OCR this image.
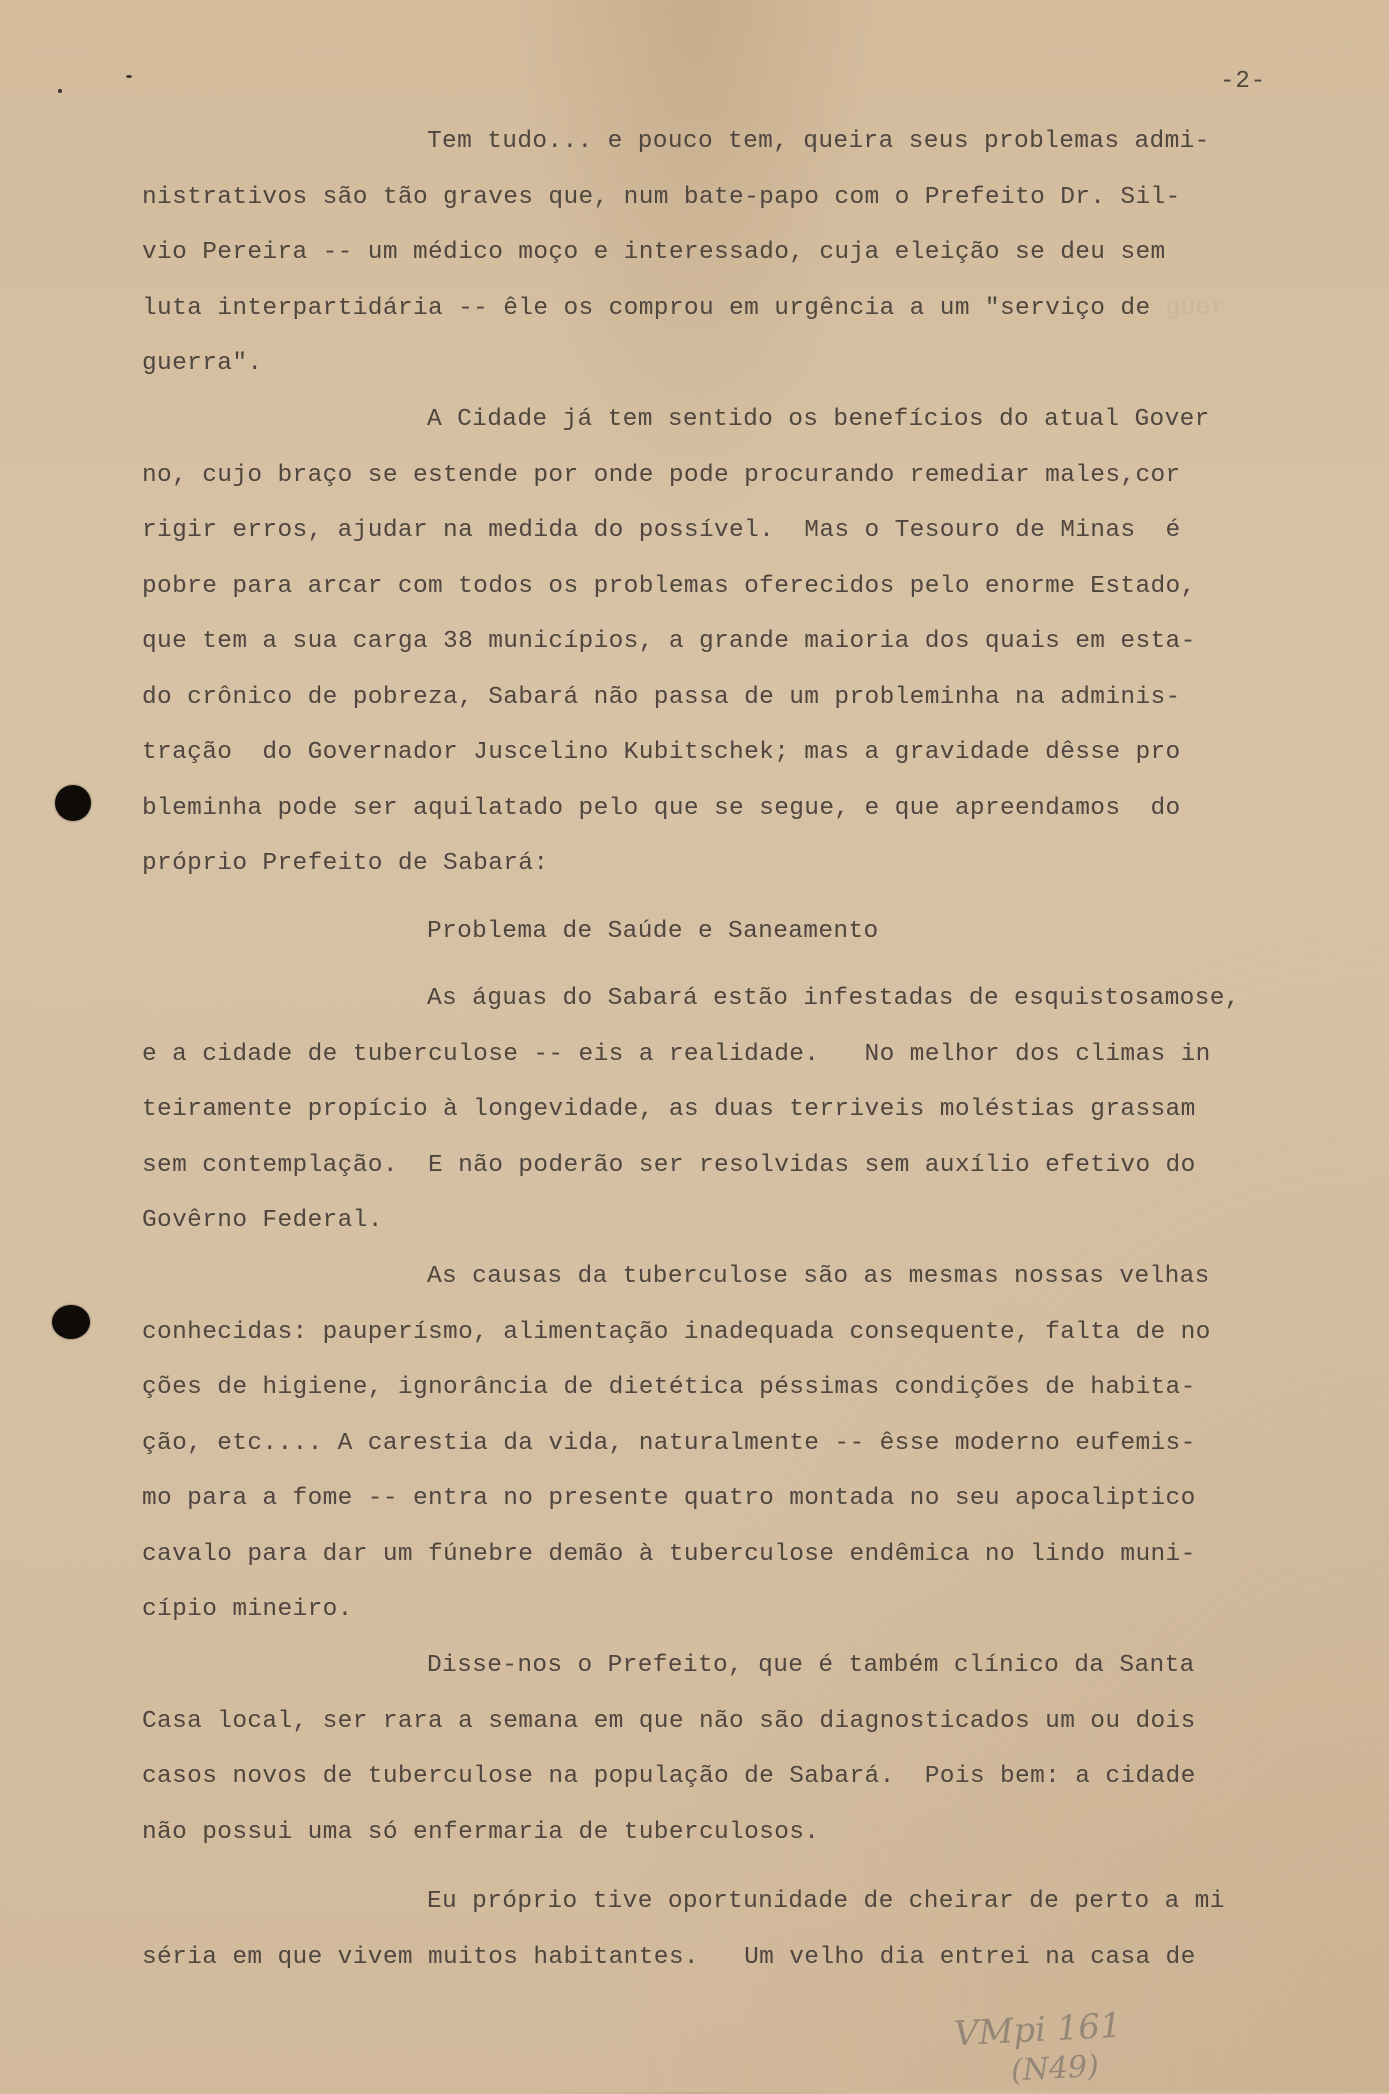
-2-
Tem tudo... e pouco tem, queira seus problemas admi-
nistrativos são tão graves que, num bate-papo com o Prefeito Dr. Sil-
vio Pereira -- um médico moço e interessado, cuja eleição se deu sem
luta interpartidária -- êle os comprou em urgência a um "serviço de guer
guerra".
A Cidade já tem sentido os benefícios do atual Gover
no, cujo braço se estende por onde pode procurando remediar males,cor
rigir erros, ajudar na medida do possível.  Mas o Tesouro de Minas  é
pobre para arcar com todos os problemas oferecidos pelo enorme Estado,
que tem a sua carga 38 municípios, a grande maioria dos quais em esta-
do crônico de pobreza, Sabará não passa de um probleminha na adminis-
tração  do Governador Juscelino Kubitschek; mas a gravidade dêsse pro
bleminha pode ser aquilatado pelo que se segue, e que apreendamos  do
próprio Prefeito de Sabará:
Problema de Saúde e Saneamento
As águas do Sabará estão infestadas de esquistosamose,
e a cidade de tuberculose -- eis a realidade.   No melhor dos climas in
teiramente propício à longevidade, as duas terriveis moléstias grassam
sem contemplação.  E não poderão ser resolvidas sem auxílio efetivo do
Govêrno Federal.
As causas da tuberculose são as mesmas nossas velhas
conhecidas: pauperísmo, alimentação inadequada consequente, falta de no
ções de higiene, ignorância de dietética péssimas condições de habita-
ção, etc.... A carestia da vida, naturalmente -- êsse moderno eufemis-
mo para a fome -- entra no presente quatro montada no seu apocaliptico
cavalo para dar um fúnebre demão à tuberculose endêmica no lindo muni-
cípio mineiro.
Disse-nos o Prefeito, que é também clínico da Santa
Casa local, ser rara a semana em que não são diagnosticados um ou dois
casos novos de tuberculose na população de Sabará.  Pois bem: a cidade
não possui uma só enfermaria de tuberculosos.
Eu próprio tive oportunidade de cheirar de perto a mi
séria em que vivem muitos habitantes.   Um velho dia entrei na casa de
VMpi 161
(N49)
